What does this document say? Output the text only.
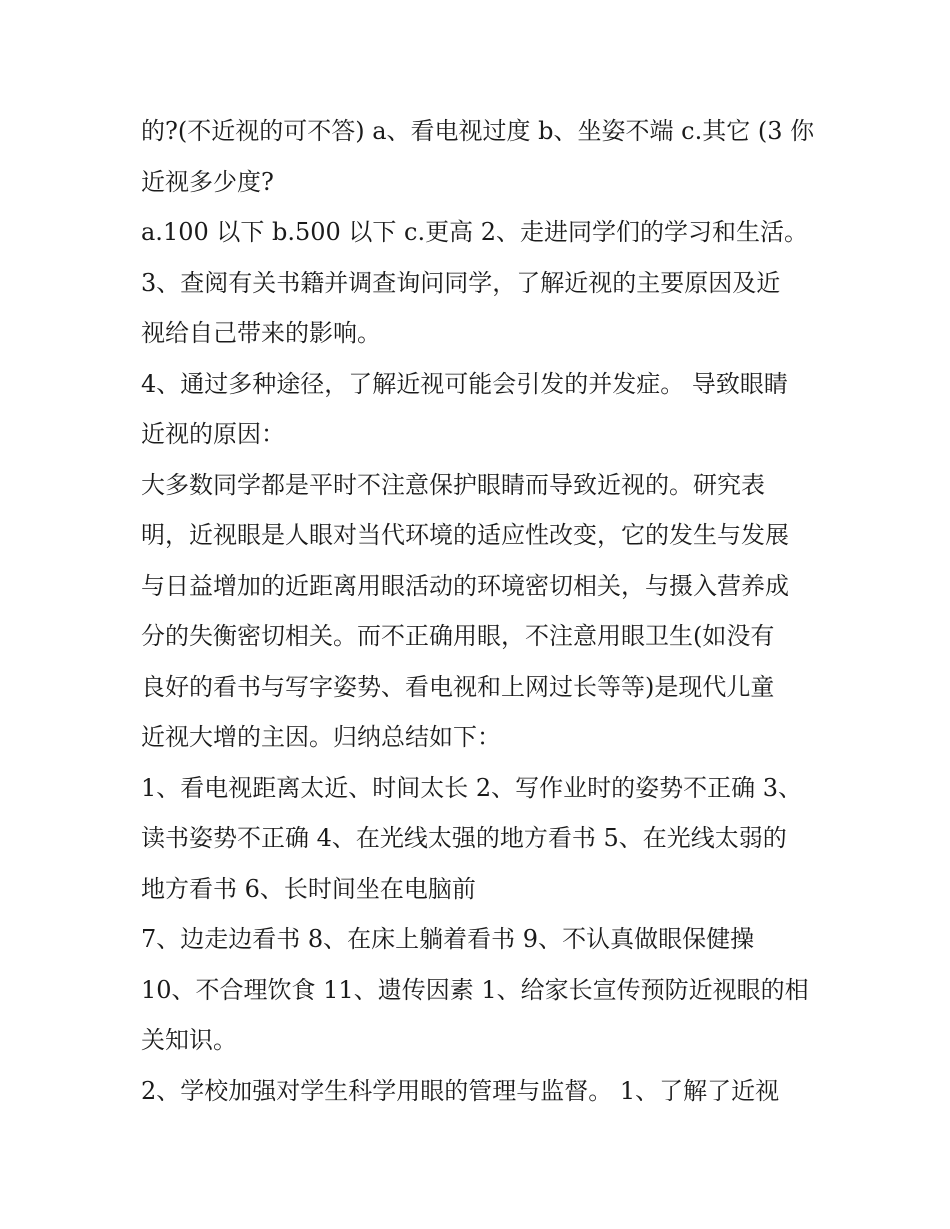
的?(不近视的可不答) a、看电视过度 b、坐姿不端 c.其它 (3 你
近视多少度?
a.100 以下 b.500 以下 c.更高 2、走进同学们的学习和生活。
3、查阅有关书籍并调查询问同学，了解近视的主要原因及近
视给自己带来的影响。
4、通过多种途径，了解近视可能会引发的并发症。 导致眼睛
近视的原因：
大多数同学都是平时不注意保护眼睛而导致近视的。研究表
明，近视眼是人眼对当代环境的适应性改变，它的发生与发展
与日益增加的近距离用眼活动的环境密切相关，与摄入营养成
分的失衡密切相关。而不正确用眼，不注意用眼卫生(如没有
良好的看书与写字姿势、看电视和上网过长等等)是现代儿童
近视大增的主因。归纳总结如下：
1、看电视距离太近、时间太长 2、写作业时的姿势不正确 3、
读书姿势不正确 4、在光线太强的地方看书 5、在光线太弱的
地方看书 6、长时间坐在电脑前
7、边走边看书 8、在床上躺着看书 9、不认真做眼保健操
10、不合理饮食 11、遗传因素 1、给家长宣传预防近视眼的相
关知识。
2、学校加强对学生科学用眼的管理与监督。 1、了解了近视
